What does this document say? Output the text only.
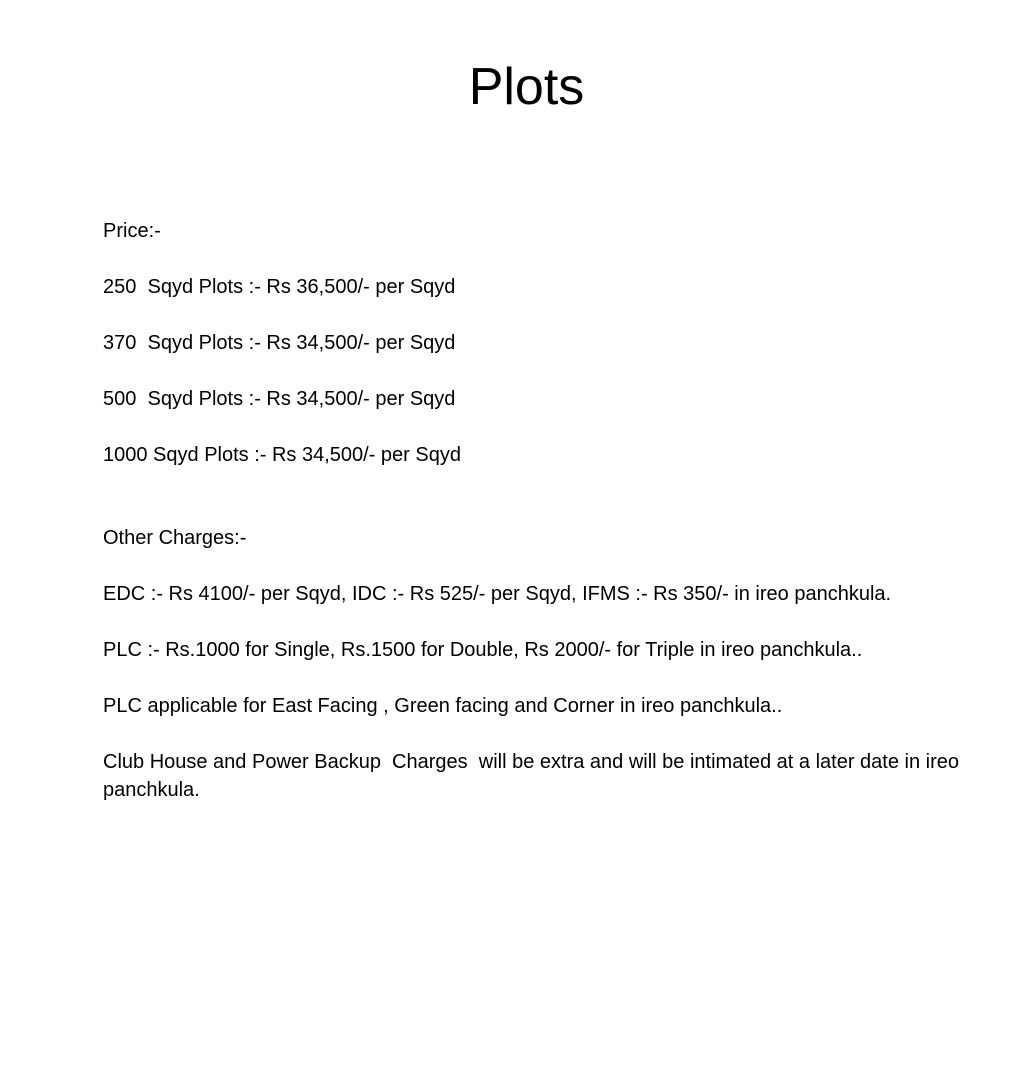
Plots

Price:-

250  Sqyd Plots :- Rs 36,500/- per Sqyd

370  Sqyd Plots :- Rs 34,500/- per Sqyd

500  Sqyd Plots :- Rs 34,500/- per Sqyd

1000 Sqyd Plots :- Rs 34,500/- per Sqyd

Other Charges:-

EDC :- Rs 4100/- per Sqyd, IDC :- Rs 525/- per Sqyd, IFMS :- Rs 350/- in ireo panchkula.

PLC :- Rs.1000 for Single, Rs.1500 for Double, Rs 2000/- for Triple in ireo panchkula..

PLC applicable for East Facing , Green facing and Corner in ireo panchkula..

Club House and Power Backup  Charges  will be extra and will be intimated at a later date in ireo panchkula.
